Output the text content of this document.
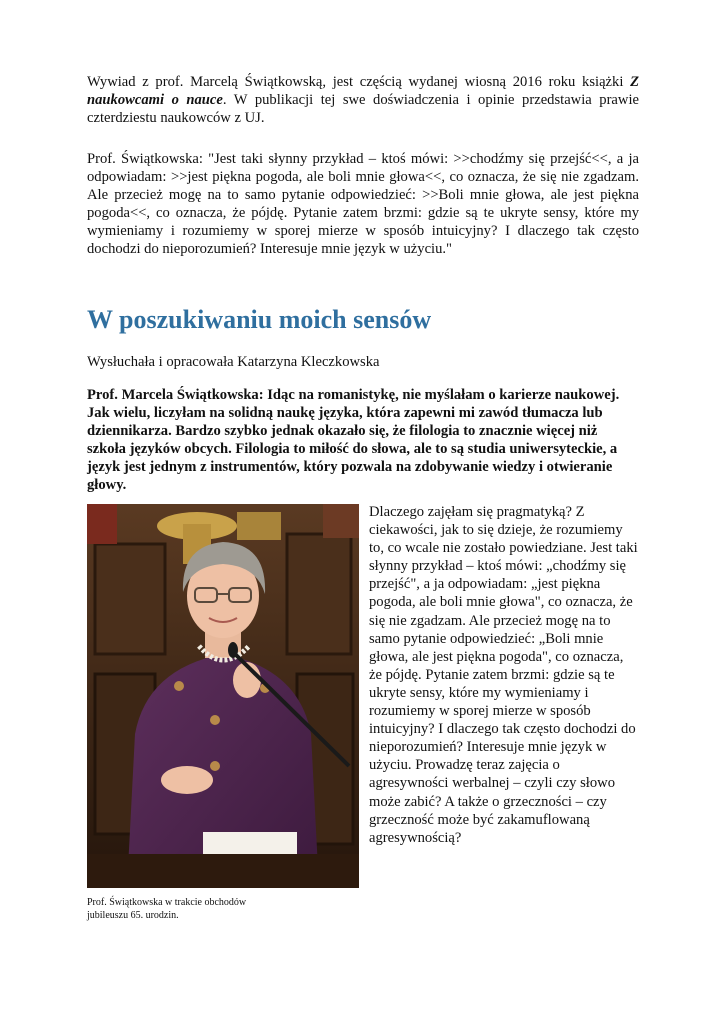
Wywiad z prof. Marcelą Świątkowską, jest częścią wydanej wiosną 2016 roku książki Z naukowcami o nauce. W publikacji tej swe doświadczenia i opinie przedstawia prawie czterdziestu naukowców z UJ.

Prof. Świątkowska: "Jest taki słynny przykład – ktoś mówi: >>chodźmy się przejść<<, a ja odpowiadam: >>jest piękna pogoda, ale boli mnie głowa<<, co oznacza, że się nie zgadzam. Ale przecież mogę na to samo pytanie odpowiedzieć: >>Boli mnie głowa, ale jest piękna pogoda<<, co oznacza, że pójdę. Pytanie zatem brzmi: gdzie są te ukryte sensy, które my wymieniamy i rozumiemy w sporej mierze w sposób intuicyjny? I dlaczego tak często dochodzi do nieporozumień? Interesuje mnie język w użyciu."

W poszukiwaniu moich sensów

Wysłuchała i opracowała Katarzyna Kleczkowska

Prof. Marcela Świątkowska: Idąc na romanistykę, nie myślałam o karierze naukowej. Jak wielu, liczyłam na solidną naukę języka, która zapewni mi zawód tłumacza lub dziennikarza. Bardzo szybko jednak okazało się, że filologia to znacznie więcej niż szkoła języków obcych. Filologia to miłość do słowa, ale to są studia uniwersyteckie, a język jest jednym z instrumentów, który pozwala na zdobywanie wiedzy i otwieranie głowy.

Prof. Świątkowska w trakcie obchodów jubileuszu 65. urodzin.

Dlaczego zajęłam się pragmatyką? Z ciekawości, jak to się dzieje, że rozumiemy to, co wcale nie zostało powiedziane. Jest taki słynny przykład – ktoś mówi: „chodźmy się przejść", a ja odpowiadam: „jest piękna pogoda, ale boli mnie głowa", co oznacza, że się nie zgadzam. Ale przecież mogę na to samo pytanie odpowiedzieć: „Boli mnie głowa, ale jest piękna pogoda", co oznacza, że pójdę. Pytanie zatem brzmi: gdzie są te ukryte sensy, które my wymieniamy i rozumiemy w sporej mierze w sposób intuicyjny? I dlaczego tak często dochodzi do nieporozumień? Interesuje mnie język w użyciu. Prowadzę teraz zajęcia o agresywności werbalnej – czyli czy słowo może zabić? A także o grzeczności – czy grzeczność może być zakamuflowaną agresywnością?
